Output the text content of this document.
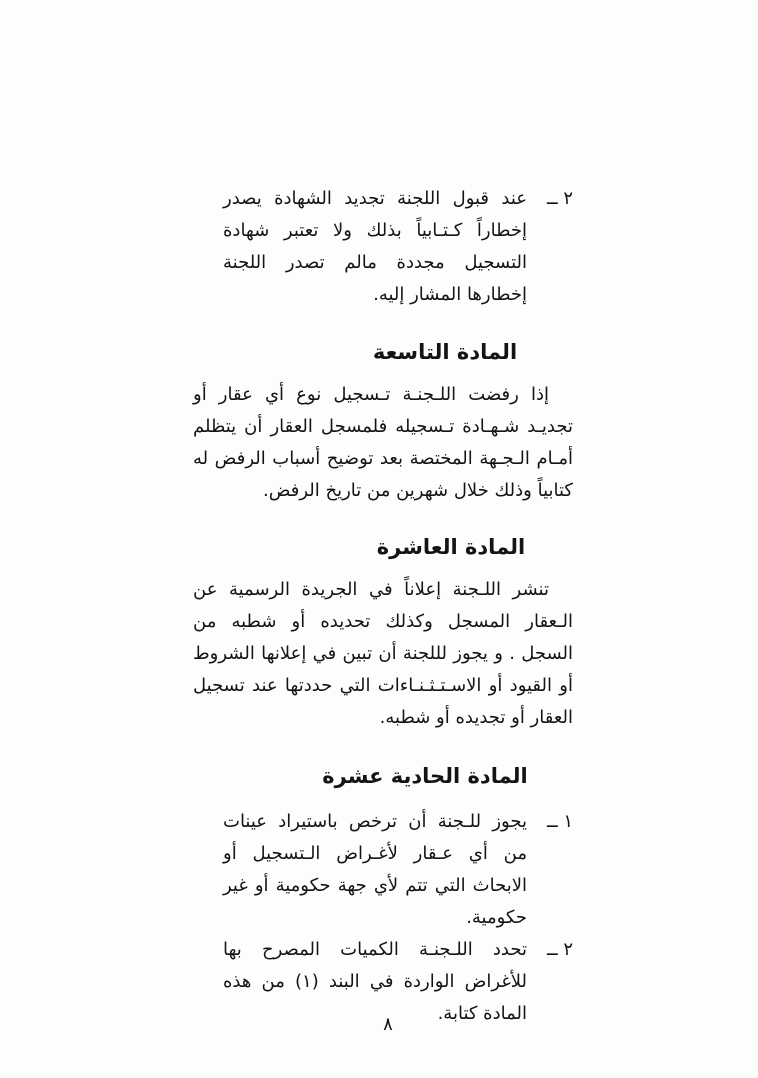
٢ ــ
عند قبول اللجنة تجديد الشهادة يصدر إخطاراً كـتـابياً بذلك ولا تعتبر شهادة التسجيل مجددة مالم تصدر اللجنة إخطارها المشار إليه.
المادة التاسعة

إذا رفضت اللـجنـة تـسجيل نوع أي عقار أو تجديـد شـهـادة تـسجيله فلمسجل العقار أن يتظلم أمـام الـجـهة المختصة بعد توضيح أسباب الرفض له كتابياً وذلك خلال شهرين من تاريخ الرفض.

المادة العاشرة

تنشر اللـجنة إعلاناً في الجريدة الرسمية عن الـعقار المسجل وكذلك تحديده أو شطبه من السجل . و يجوز لللجنة أن تبين في إعلانها الشروط أو القيود أو الاسـتـثـنـاءات التي حددتها عند تسجيل العقار أو تجديده أو شطبه.

المادة الحادية عشرة
١ ــ
يجوز للـجنة أن ترخص باستيراد عينات من أي عـقار لأغـراض الـتسجيل أو الابحاث التي تتم لأي جهة حكومية أو غير حكومية.
٢ ــ
تحدد اللـجنـة الكميات المصرح بها للأغراض الواردة في البند (١) من هذه المادة كتابة.
٨
